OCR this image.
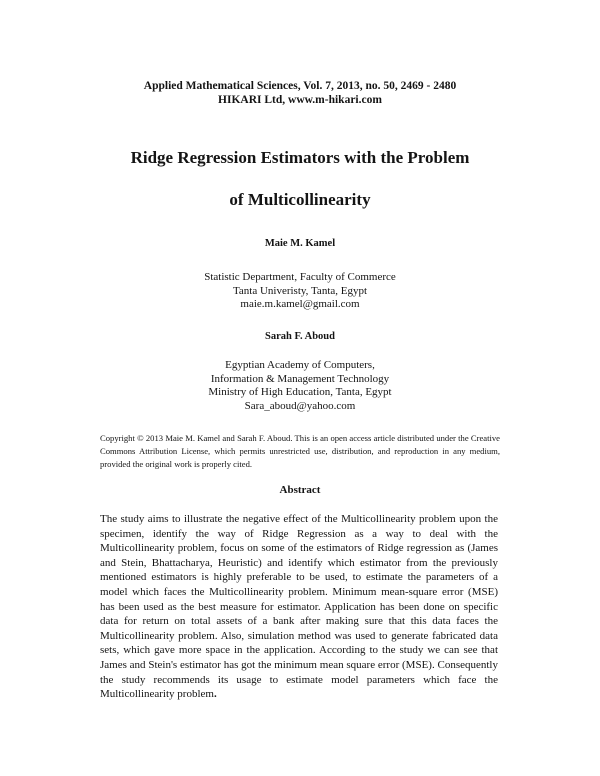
Applied Mathematical Sciences, Vol. 7, 2013, no. 50, 2469 - 2480
HIKARI Ltd, www.m-hikari.com
Ridge Regression Estimators with the Problem
of Multicollinearity
Maie M. Kamel
Statistic Department, Faculty of Commerce
Tanta Univeristy, Tanta, Egypt
maie.m.kamel@gmail.com
Sarah F. Aboud
Egyptian Academy of Computers,
Information & Management Technology
Ministry of High Education, Tanta, Egypt
Sara_aboud@yahoo.com
Copyright © 2013 Maie M. Kamel and Sarah F. Aboud. This is an open access article distributed under the Creative Commons Attribution License, which permits unrestricted use, distribution, and reproduction in any medium, provided the original work is properly cited.
Abstract
The study aims to illustrate the negative effect of the Multicollinearity problem upon the specimen, identify the way of Ridge Regression as a way to deal with the Multicollinearity problem, focus on some of the estimators of Ridge regression as (James and Stein, Bhattacharya, Heuristic) and identify which estimator from the previously mentioned estimators is highly preferable to be used, to estimate the parameters of a model which faces the Multicollinearity problem. Minimum mean-square error (MSE) has been used as the best measure for estimator. Application has been done on specific data for return on total assets of a bank after making sure that this data faces the Multicollinearity problem. Also, simulation method was used to generate fabricated data sets, which gave more space in the application. According to the study we can see that James and Stein's estimator has got the minimum mean square error (MSE). Consequently the study recommends its usage to estimate model parameters which face the Multicollinearity problem.
